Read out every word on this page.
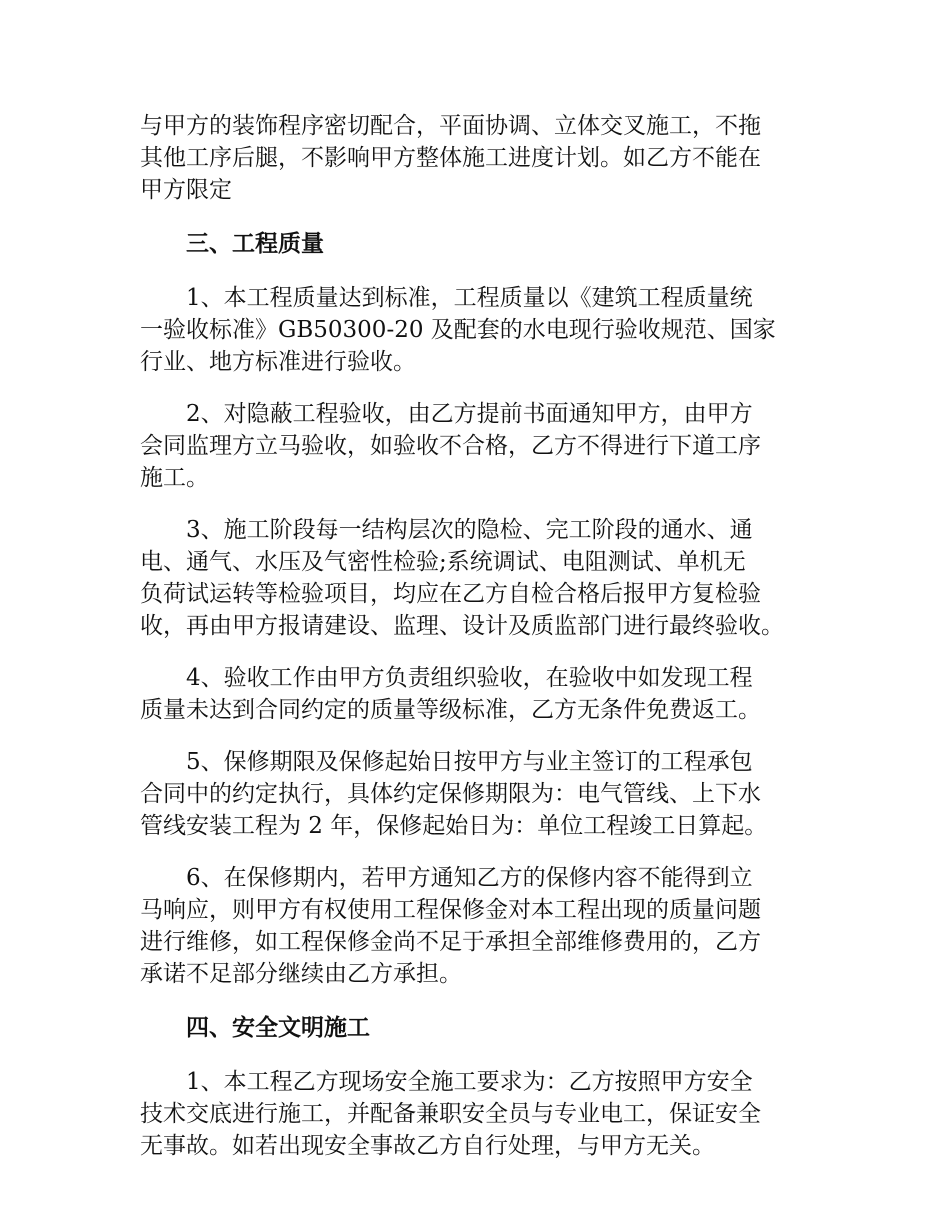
与甲方的装饰程序密切配合，平面协调、立体交叉施工，不拖
其他工序后腿，不影响甲方整体施工进度计划。如乙方不能在
甲方限定

三、工程质量

1、本工程质量达到标准，工程质量以《建筑工程质量统
一验收标准》GB50300-20 及配套的水电现行验收规范、国家
行业、地方标准进行验收。

2、对隐蔽工程验收，由乙方提前书面通知甲方，由甲方
会同监理方立马验收，如验收不合格，乙方不得进行下道工序
施工。

3、施工阶段每一结构层次的隐检、完工阶段的通水、通
电、通气、水压及气密性检验;系统调试、电阻测试、单机无
负荷试运转等检验项目，均应在乙方自检合格后报甲方复检验
收，再由甲方报请建设、监理、设计及质监部门进行最终验收。

4、验收工作由甲方负责组织验收，在验收中如发现工程
质量未达到合同约定的质量等级标准，乙方无条件免费返工。

5、保修期限及保修起始日按甲方与业主签订的工程承包
合同中的约定执行，具体约定保修期限为：电气管线、上下水
管线安装工程为 2 年，保修起始日为：单位工程竣工日算起。

6、在保修期内，若甲方通知乙方的保修内容不能得到立
马响应，则甲方有权使用工程保修金对本工程出现的质量问题
进行维修，如工程保修金尚不足于承担全部维修费用的，乙方
承诺不足部分继续由乙方承担。

四、安全文明施工

1、本工程乙方现场安全施工要求为：乙方按照甲方安全
技术交底进行施工，并配备兼职安全员与专业电工，保证安全
无事故。如若出现安全事故乙方自行处理，与甲方无关。
